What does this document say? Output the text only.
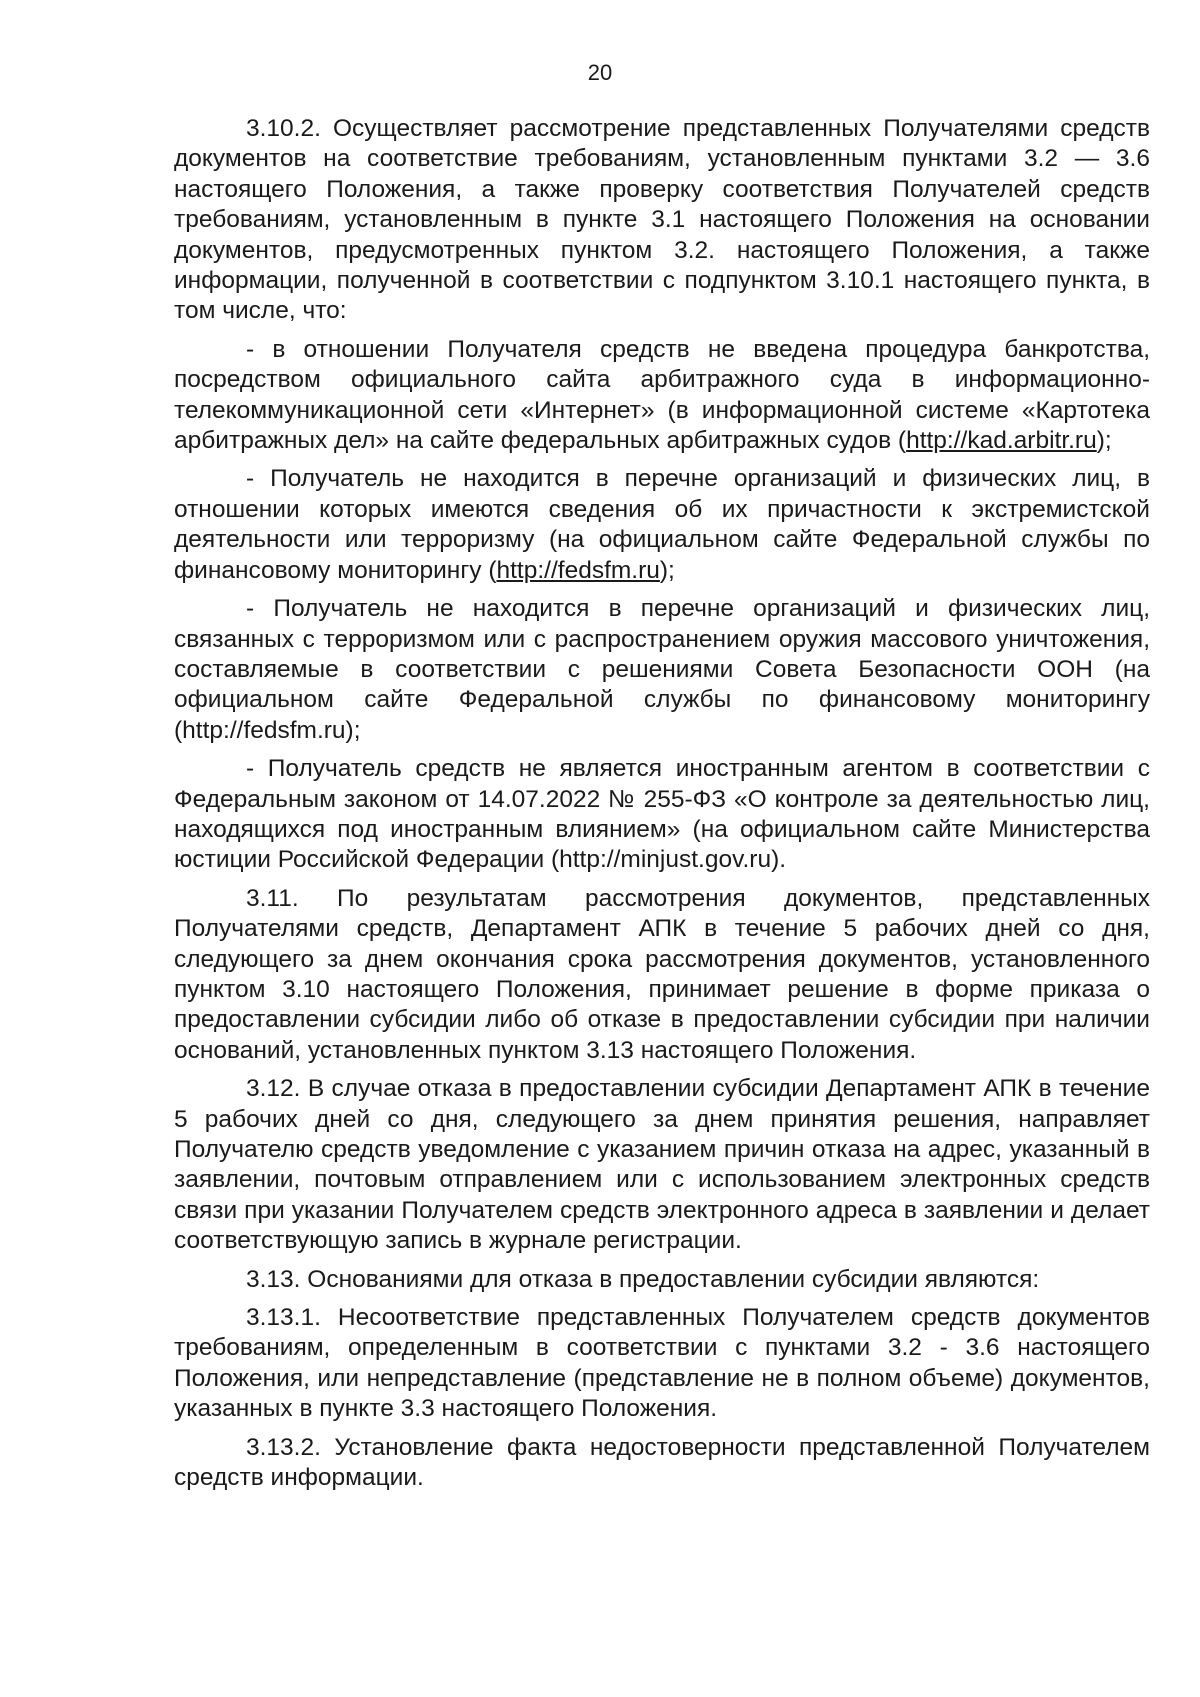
20

3.10.2. Осуществляет рассмотрение представленных Получателями средств документов на соответствие требованиям, установленным пунктами 3.2 — 3.6 настоящего Положения, а также проверку соответствия Получателей средств требованиям, установленным в пункте 3.1 настоящего Положения на основании документов, предусмотренных пунктом 3.2. настоящего Положения, а также информации, полученной в соответствии с подпунктом 3.10.1 настоящего пункта, в том числе, что:

- в отношении Получателя средств не введена процедура банкротства, посредством официального сайта арбитражного суда в информационно-телекоммуникационной сети «Интернет» (в информационной системе «Картотека арбитражных дел» на сайте федеральных арбитражных судов (http://kad.arbitr.ru);

- Получатель не находится в перечне организаций и физических лиц, в отношении которых имеются сведения об их причастности к экстремистской деятельности или терроризму (на официальном сайте Федеральной службы по финансовому мониторингу (http://fedsfm.ru);

- Получатель не находится в перечне организаций и физических лиц, связанных с терроризмом или с распространением оружия массового уничтожения, составляемые в соответствии с решениями Совета Безопасности ООН (на официальном сайте Федеральной службы по финансовому мониторингу (http://fedsfm.ru);

- Получатель средств не является иностранным агентом в соответствии с Федеральным законом от 14.07.2022 № 255-ФЗ «О контроле за деятельностью лиц, находящихся под иностранным влиянием» (на официальном сайте Министерства юстиции Российской Федерации (http://minjust.gov.ru).

3.11. По результатам рассмотрения документов, представленных Получателями средств, Департамент АПК в течение 5 рабочих дней со дня, следующего за днем окончания срока рассмотрения документов, установленного пунктом 3.10 настоящего Положения, принимает решение в форме приказа о предоставлении субсидии либо об отказе в предоставлении субсидии при наличии оснований, установленных пунктом 3.13 настоящего Положения.

3.12. В случае отказа в предоставлении субсидии Департамент АПК в течение 5 рабочих дней со дня, следующего за днем принятия решения, направляет Получателю средств уведомление с указанием причин отказа на адрес, указанный в заявлении, почтовым отправлением или с использованием электронных средств связи при указании Получателем средств электронного адреса в заявлении и делает соответствующую запись в журнале регистрации.

3.13. Основаниями для отказа в предоставлении субсидии являются:

3.13.1. Несоответствие представленных Получателем средств документов требованиям, определенным в соответствии с пунктами 3.2 - 3.6 настоящего Положения, или непредставление (представление не в полном объеме) документов, указанных в пункте 3.3 настоящего Положения.

3.13.2. Установление факта недостоверности представленной Получателем средств информации.
